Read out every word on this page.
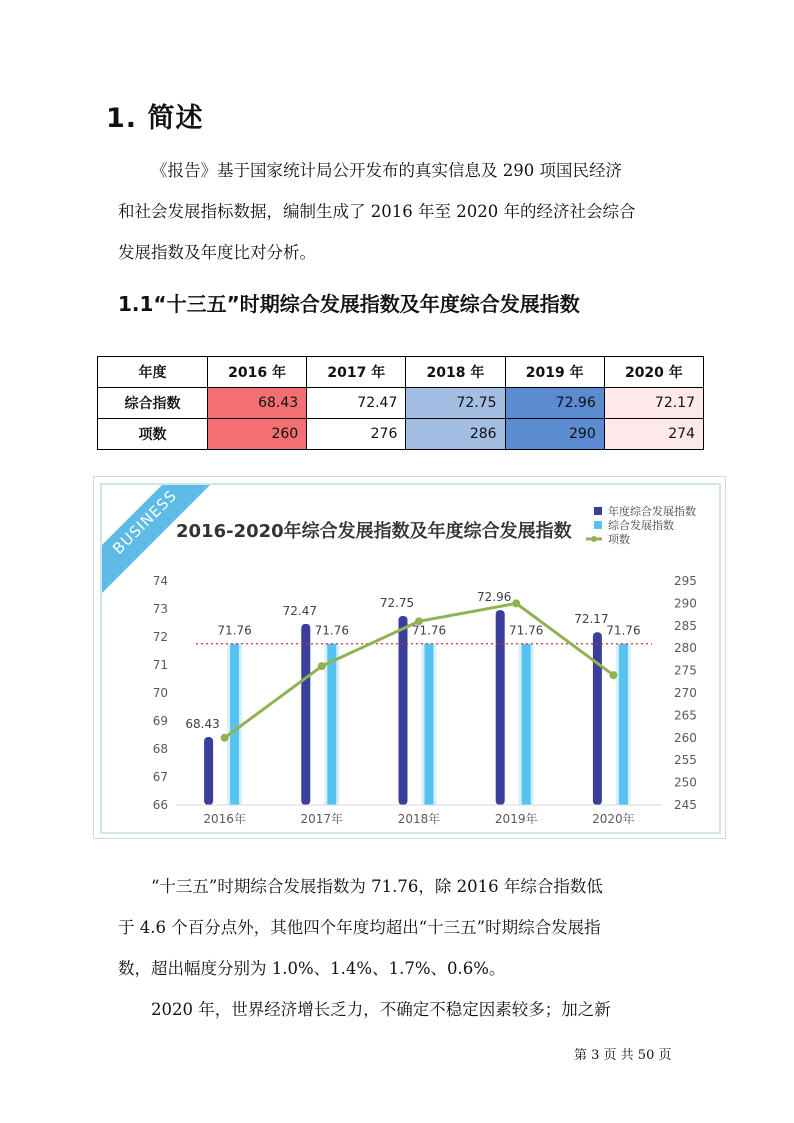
1. 简述
《报告》基于国家统计局公开发布的真实信息及 290 项国民经济
和社会发展指标数据，编制生成了 2016 年至 2020 年的经济社会综合
发展指数及年度比对分析。
1.1“十三五”时期综合发展指数及年度综合发展指数
年度	2016 年	2017 年	2018 年	2019 年	2020 年
综合指数	68.43	72.47	72.75	72.96	72.17
项数	260	276	286	290	274
BUSINESS
2016-2020年综合发展指数及年度综合发展指数
68.43
72.47
72.75	72.96
72.17
71.76	71.76	71.76	71.76	71.76
66
67
68
69
70
71
72
73
74
245
250
255
260
265
270
275
280
285
290
295
2016年	2017年	2018年	2019年	2020年
年度综合发展指数
综合发展指数
项数
“十三五”时期综合发展指数为 71.76，除 2016 年综合指数低
于 4.6 个百分点外，其他四个年度均超出“十三五”时期综合发展指
数，超出幅度分别为 1.0%、1.4%、1.7%、0.6%。
2020 年，世界经济增长乏力，不确定不稳定因素较多；加之新
第 3 页 共 50 页
